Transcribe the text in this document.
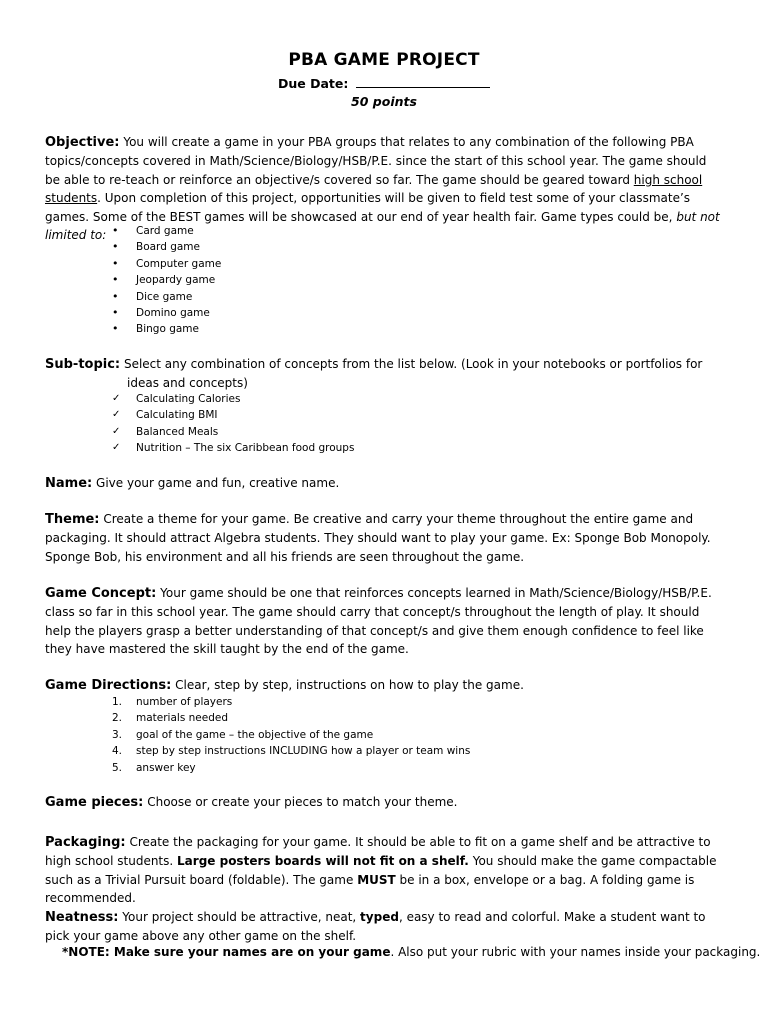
PBA GAME PROJECT
Due Date:
50 points
Objective: You will create a game in your PBA groups that relates to any combination of the following PBA topics/concepts covered in Math/Science/Biology/HSB/P.E. since the start of this school year. The game should be able to re-teach or reinforce an objective/s covered so far. The game should be geared toward high school students. Upon completion of this project, opportunities will be given to field test some of your classmate’s games. Some of the BEST games will be showcased at our end of year health fair. Game types could be, but not limited to:
•	Card game
• Board game
• Computer game
• Jeopardy game
• Dice game
• Domino game
• Bingo game
Sub-topic: Select any combination of concepts from the list below. (Look in your notebooks or portfolios for
ideas and concepts)
✓ Calculating Calories
✓ Calculating BMI
✓ Balanced Meals
✓ Nutrition – The six Caribbean food groups
Name: Give your game and fun, creative name.
Theme: Create a theme for your game. Be creative and carry your theme throughout the entire game and packaging. It should attract Algebra students. They should want to play your game. Ex: Sponge Bob Monopoly. Sponge Bob, his environment and all his friends are seen throughout the game.
Game Concept: Your game should be one that reinforces concepts learned in Math/Science/Biology/HSB/P.E. class so far in this school year. The game should carry that concept/s throughout the length of play. It should help the players grasp a better understanding of that concept/s and give them enough confidence to feel like they have mastered the skill taught by the end of the game.
Game Directions: Clear, step by step, instructions on how to play the game.
1. number of players
2. materials needed
3. goal of the game – the objective of the game
4. step by step instructions INCLUDING how a player or team wins
5. answer key
Game pieces: Choose or create your pieces to match your theme.
Packaging: Create the packaging for your game. It should be able to fit on a game shelf and be attractive to high school students. Large posters boards will not fit on a shelf. You should make the game compactable such as a Trivial Pursuit board (foldable). The game MUST be in a box, envelope or a bag. A folding game is recommended.
Neatness: Your project should be attractive, neat, typed, easy to read and colorful. Make a student want to pick your game above any other game on the shelf.
*NOTE: Make sure your names are on your game. Also put your rubric with your names inside your packaging.
